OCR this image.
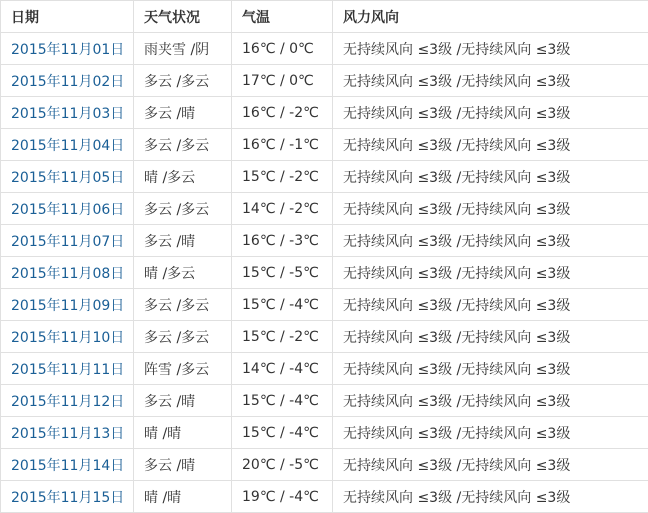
日期	天气状况	气温	风力风向
2015年11月01日	雨夹雪 /阴	16℃ / 0℃	无持续风向 ≤3级 /无持续风向 ≤3级
2015年11月02日	多云 /多云	17℃ / 0℃	无持续风向 ≤3级 /无持续风向 ≤3级
2015年11月03日	多云 /晴	16℃ / -2℃	无持续风向 ≤3级 /无持续风向 ≤3级
2015年11月04日	多云 /多云	16℃ / -1℃	无持续风向 ≤3级 /无持续风向 ≤3级
2015年11月05日	晴 /多云	15℃ / -2℃	无持续风向 ≤3级 /无持续风向 ≤3级
2015年11月06日	多云 /多云	14℃ / -2℃	无持续风向 ≤3级 /无持续风向 ≤3级
2015年11月07日	多云 /晴	16℃ / -3℃	无持续风向 ≤3级 /无持续风向 ≤3级
2015年11月08日	晴 /多云	15℃ / -5℃	无持续风向 ≤3级 /无持续风向 ≤3级
2015年11月09日	多云 /多云	15℃ / -4℃	无持续风向 ≤3级 /无持续风向 ≤3级
2015年11月10日	多云 /多云	15℃ / -2℃	无持续风向 ≤3级 /无持续风向 ≤3级
2015年11月11日	阵雪 /多云	14℃ / -4℃	无持续风向 ≤3级 /无持续风向 ≤3级
2015年11月12日	多云 /晴	15℃ / -4℃	无持续风向 ≤3级 /无持续风向 ≤3级
2015年11月13日	晴 /晴	15℃ / -4℃	无持续风向 ≤3级 /无持续风向 ≤3级
2015年11月14日	多云 /晴	20℃ / -5℃	无持续风向 ≤3级 /无持续风向 ≤3级
2015年11月15日	晴 /晴	19℃ / -4℃	无持续风向 ≤3级 /无持续风向 ≤3级
